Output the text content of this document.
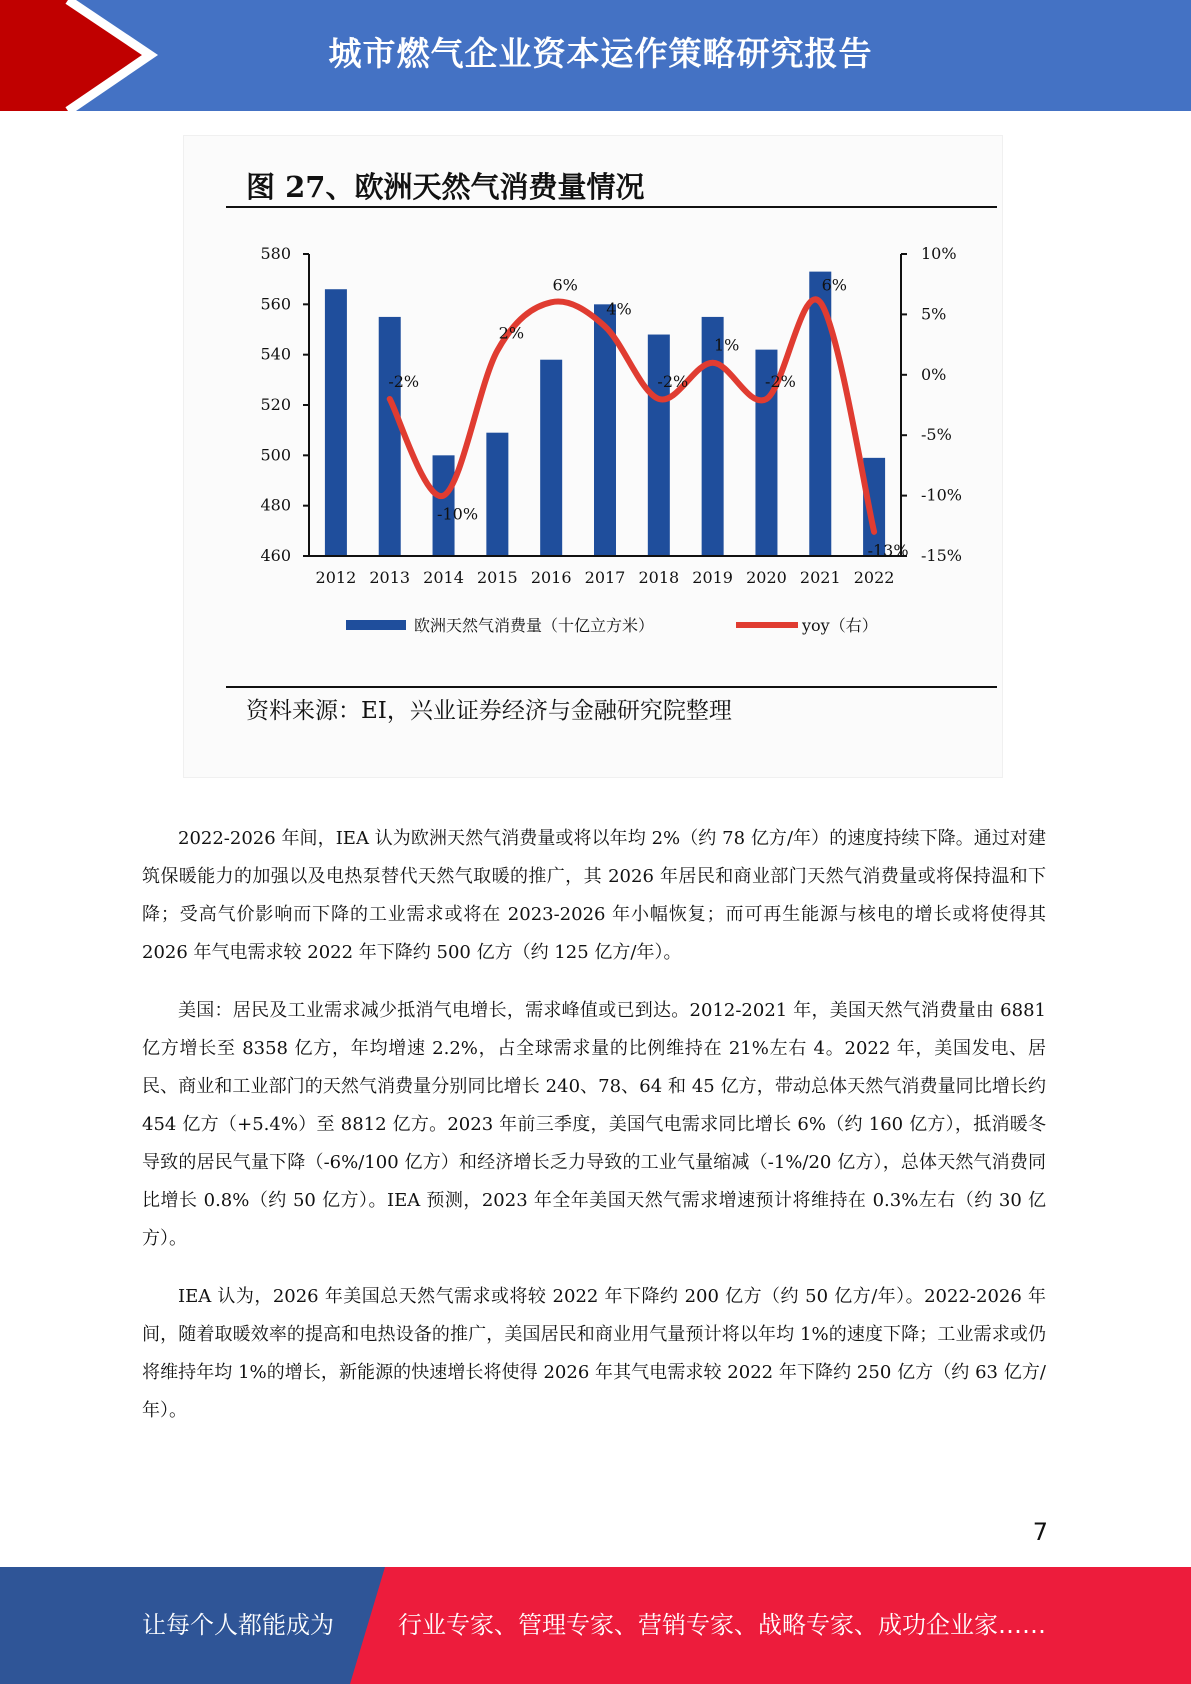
城市燃气企业资本运作策略研究报告
图 27、欧洲天然气消费量情况
580
560
540
520
500
480
460
10%
5%
0%
-5%
-10%
-15%
2012 2013 2014 2015 2016 2017 2018 2019 2020 2021 2022
-2%
-10%
2%
6%
4%
-2%
1%
-2%
6%
-13%
欧洲天然气消费量（十亿立方米）	yoy（右）
资料来源：EI，兴业证券经济与金融研究院整理

2022-2026 年间，IEA 认为欧洲天然气消费量或将以年均 2%（约 78 亿方/年）的速度持续下降。通过对建筑保暖能力的加强以及电热泵替代天然气取暖的推广，其 2026 年居民和商业部门天然气消费量或将保持温和下降；受高气价影响而下降的工业需求或将在 2023-2026 年小幅恢复；而可再生能源与核电的增长或将使得其 2026 年气电需求较 2022 年下降约 500 亿方（约 125 亿方/年）。

美国：居民及工业需求减少抵消气电增长，需求峰值或已到达。2012-2021 年，美国天然气消费量由 6881 亿方增长至 8358 亿方，年均增速 2.2%，占全球需求量的比例维持在 21%左右 4。2022 年，美国发电、居民、商业和工业部门的天然气消费量分别同比增长 240、78、64 和 45 亿方，带动总体天然气消费量同比增长约 454 亿方（+5.4%）至 8812 亿方。2023 年前三季度，美国气电需求同比增长 6%（约 160 亿方），抵消暖冬导致的居民气量下降（-6%/100 亿方）和经济增长乏力导致的工业气量缩减（-1%/20 亿方），总体天然气消费同比增长 0.8%（约 50 亿方）。IEA 预测，2023 年全年美国天然气需求增速预计将维持在 0.3%左右（约 30 亿方）。

IEA 认为，2026 年美国总天然气需求或将较 2022 年下降约 200 亿方（约 50 亿方/年）。2022-2026 年间，随着取暖效率的提高和电热设备的推广，美国居民和商业用气量预计将以年均 1%的速度下降；工业需求或仍将维持年均 1%的增长，新能源的快速增长将使得 2026 年其气电需求较 2022 年下降约 250 亿方（约 63 亿方/年）。

7
让每个人都能成为	行业专家、管理专家、营销专家、战略专家、成功企业家……
